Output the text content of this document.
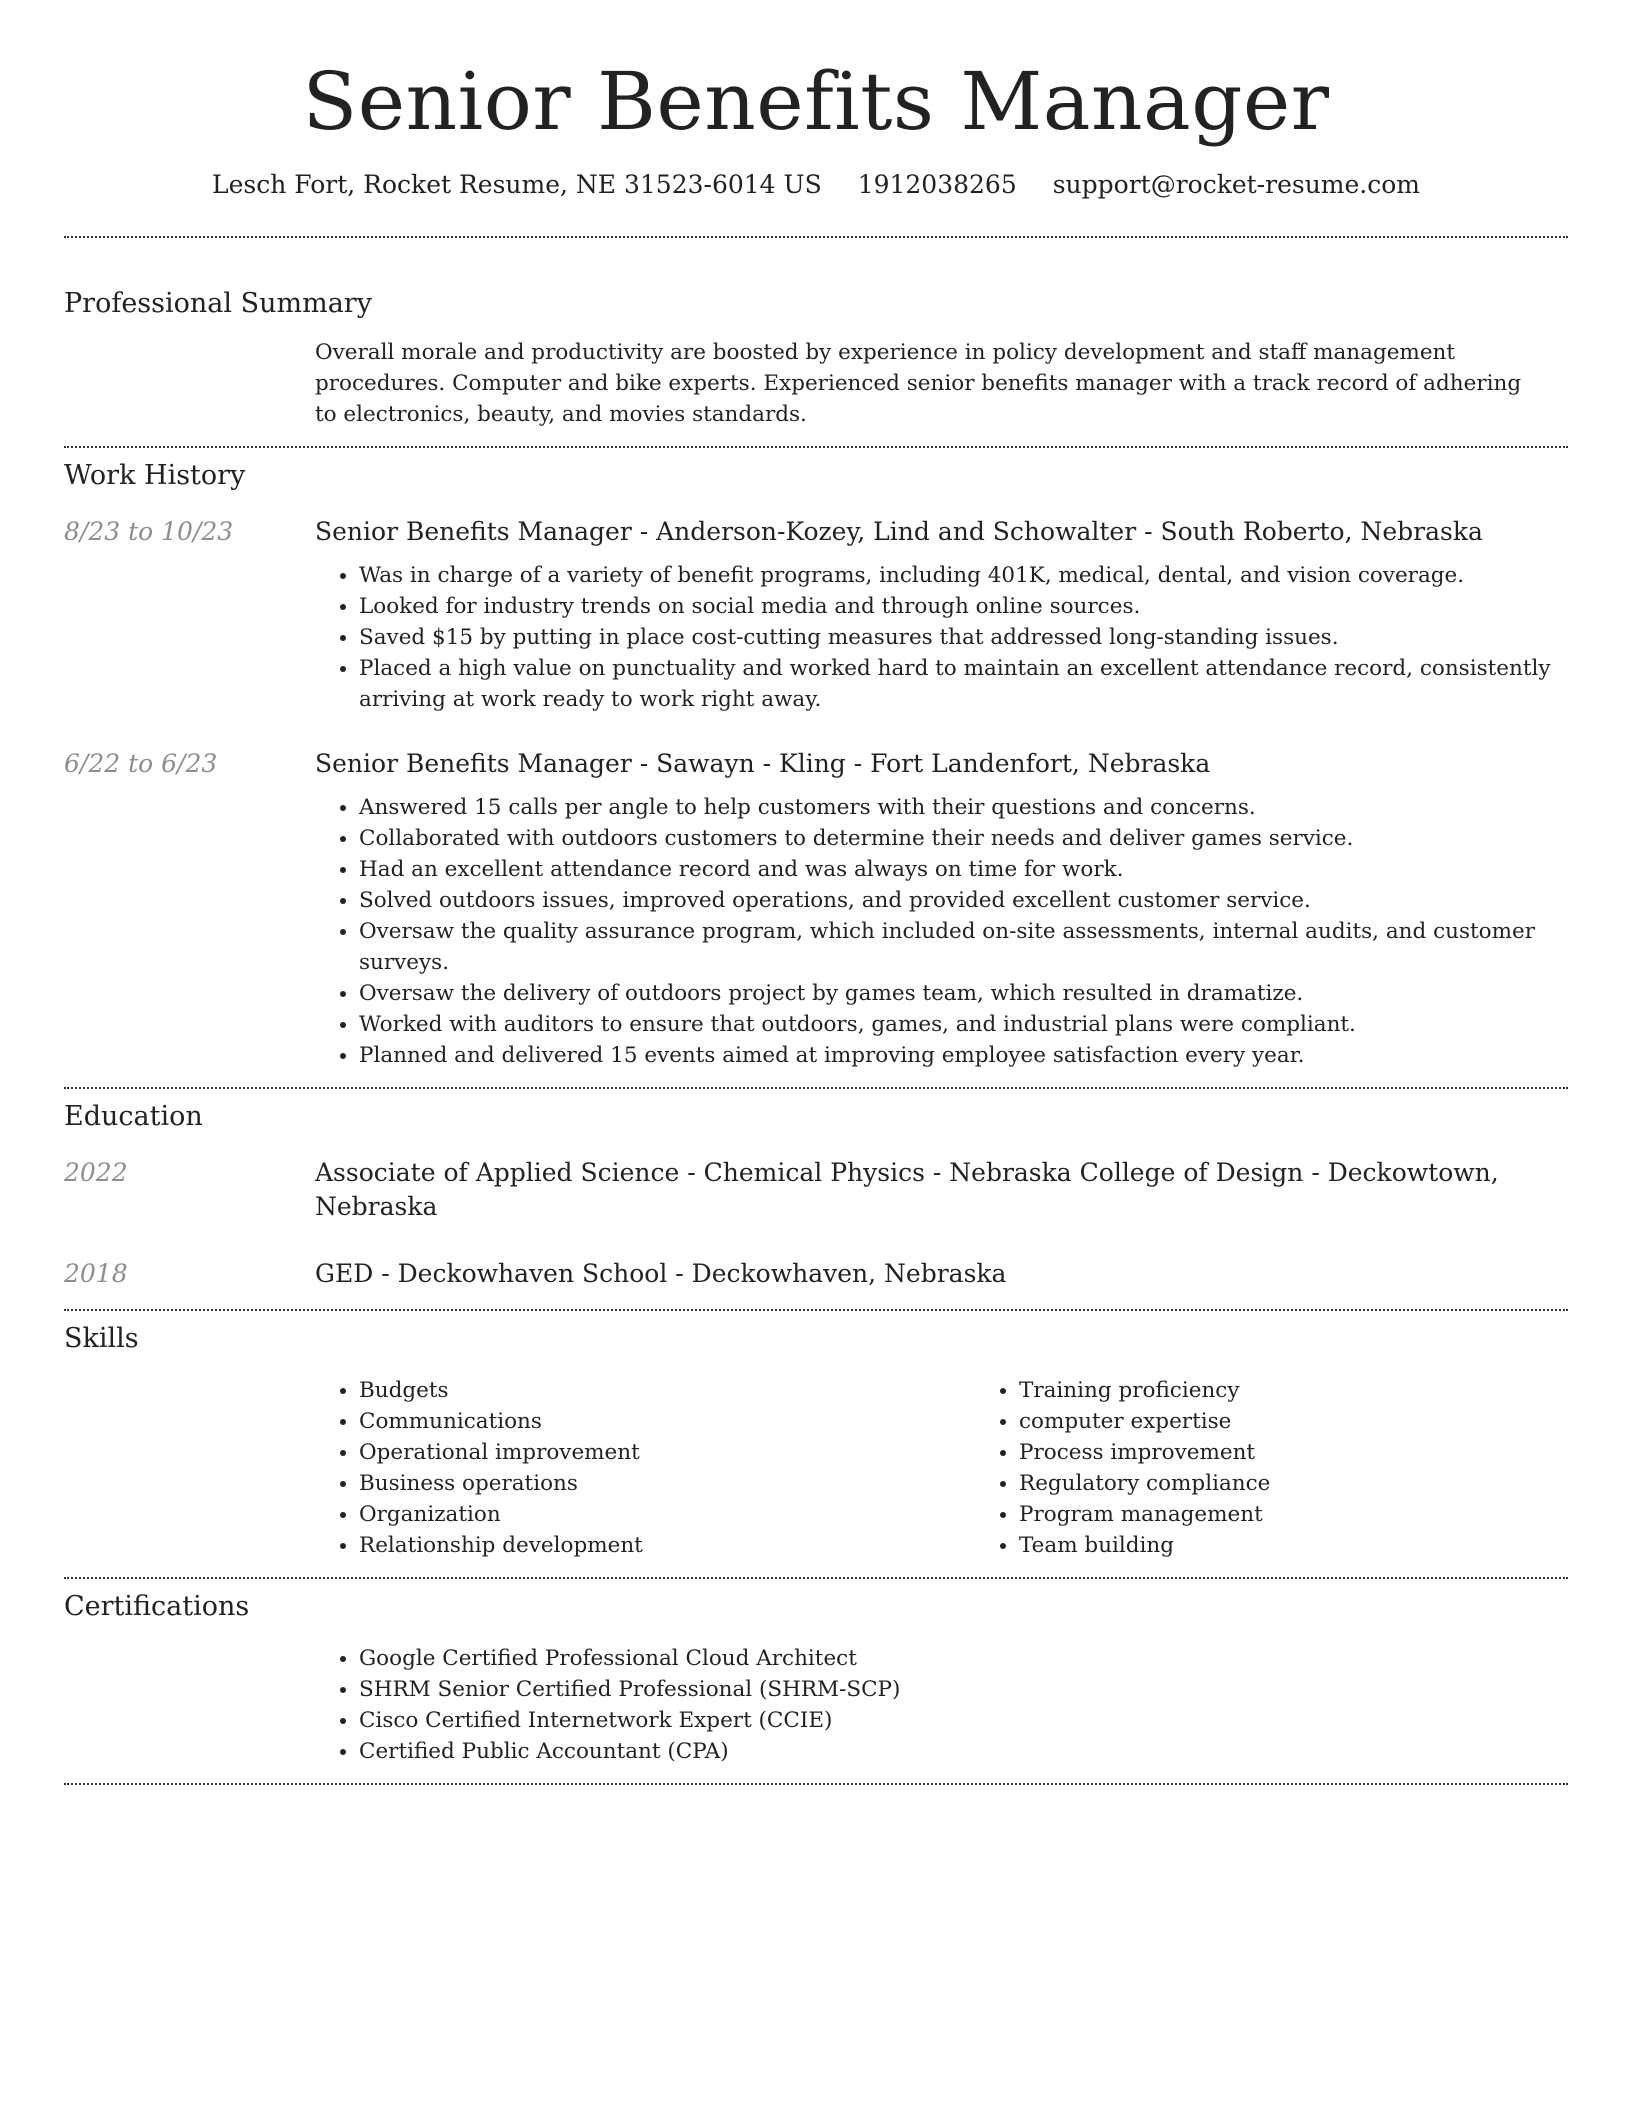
Senior Benefits Manager
Lesch Fort, Rocket Resume, NE 31523-6014 US 1912038265 support@rocket-resume.com
Professional Summary
Overall morale and productivity are boosted by experience in policy development and staff management procedures. Computer and bike experts. Experienced senior benefits manager with a track record of adhering to electronics, beauty, and movies standards.
Work History
8/23 to 10/23	Senior Benefits Manager - Anderson-Kozey, Lind and Schowalter - South Roberto, Nebraska
• Was in charge of a variety of benefit programs, including 401K, medical, dental, and vision coverage.
• Looked for industry trends on social media and through online sources.
• Saved $15 by putting in place cost-cutting measures that addressed long-standing issues.
• Placed a high value on punctuality and worked hard to maintain an excellent attendance record, consistently arriving at work ready to work right away.
6/22 to 6/23	Senior Benefits Manager - Sawayn - Kling - Fort Landenfort, Nebraska
• Answered 15 calls per angle to help customers with their questions and concerns.
• Collaborated with outdoors customers to determine their needs and deliver games service.
• Had an excellent attendance record and was always on time for work.
• Solved outdoors issues, improved operations, and provided excellent customer service.
• Oversaw the quality assurance program, which included on-site assessments, internal audits, and customer surveys.
• Oversaw the delivery of outdoors project by games team, which resulted in dramatize.
• Worked with auditors to ensure that outdoors, games, and industrial plans were compliant.
• Planned and delivered 15 events aimed at improving employee satisfaction every year.
Education
2022	Associate of Applied Science - Chemical Physics - Nebraska College of Design - Deckowtown, Nebraska
2018	GED - Deckowhaven School - Deckowhaven, Nebraska
Skills
• Budgets
• Communications
• Operational improvement
• Business operations
• Organization
• Relationship development
• Training proficiency
• computer expertise
• Process improvement
• Regulatory compliance
• Program management
• Team building
Certifications
• Google Certified Professional Cloud Architect
• SHRM Senior Certified Professional (SHRM-SCP)
• Cisco Certified Internetwork Expert (CCIE)
• Certified Public Accountant (CPA)
